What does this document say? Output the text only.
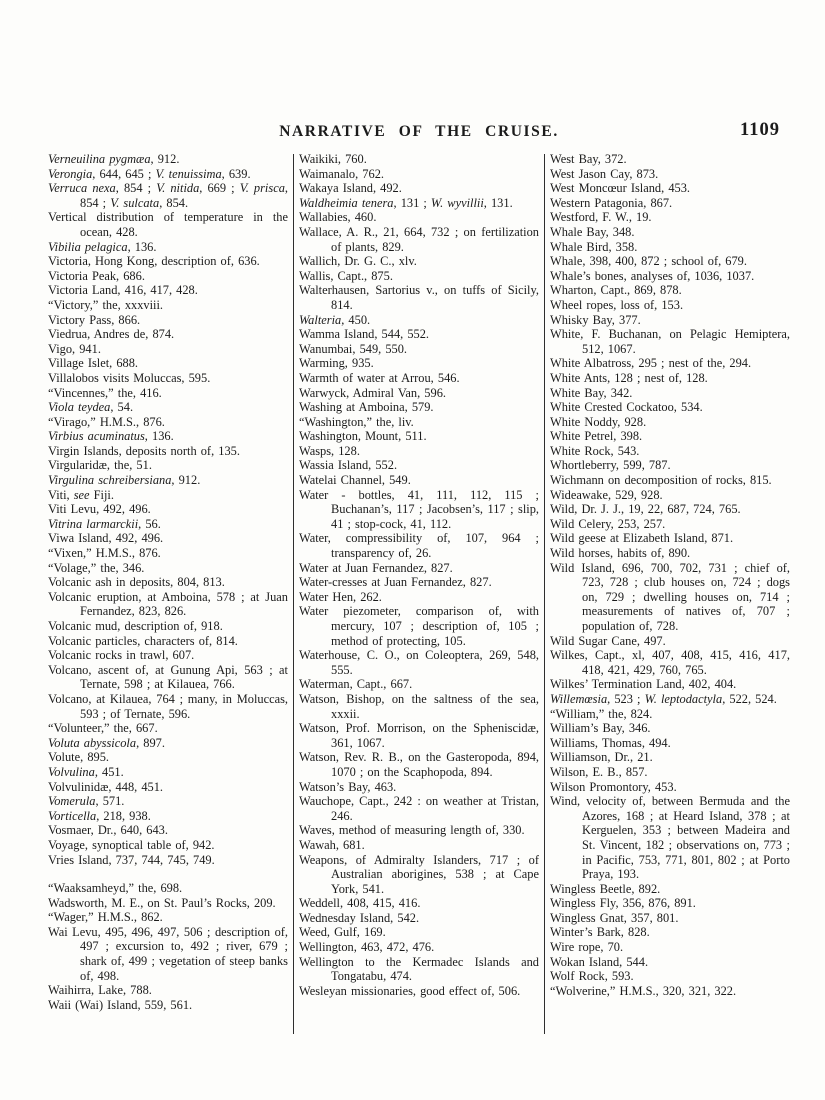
NARRATIVE OF THE CRUISE.	1109

Verneuilina pygmæa, 912.

Verongia, 644, 645 ; V. tenuissima, 639.

Verruca nexa, 854 ; V. nitida, 669 ; V. prisca, 854 ; V. sulcata, 854.

Vertical distribution of temperature in the ocean, 428.

Vibilia pelagica, 136.

Victoria, Hong Kong, description of, 636.

Victoria Peak, 686.

Victoria Land, 416, 417, 428.

“Victory,” the, xxxviii.

Victory Pass, 866.

Viedrua, Andres de, 874.

Vigo, 941.

Village Islet, 688.

Villalobos visits Moluccas, 595.

“Vincennes,” the, 416.

Viola teydea, 54.

“Virago,” H.M.S., 876.

Virbius acuminatus, 136.

Virgin Islands, deposits north of, 135.

Virgularidæ, the, 51.

Virgulina schreibersiana, 912.

Viti, see Fiji.

Viti Levu, 492, 496.

Vitrina larmarckii, 56.

Viwa Island, 492, 496.

“Vixen,” H.M.S., 876.

“Volage,” the, 346.

Volcanic ash in deposits, 804, 813.

Volcanic eruption, at Amboina, 578 ; at Juan Fernandez, 823, 826.

Volcanic mud, description of, 918.

Volcanic particles, characters of, 814.

Volcanic rocks in trawl, 607.

Volcano, ascent of, at Gunung Api, 563 ; at Ternate, 598 ; at Kilauea, 766.

Volcano, at Kilauea, 764 ; many, in Moluccas, 593 ; of Ternate, 596.

“Volunteer,” the, 667.

Voluta abyssicola, 897.

Volute, 895.

Volvulina, 451.

Volvulinidæ, 448, 451.

Vomerula, 571.

Vorticella, 218, 938.

Vosmaer, Dr., 640, 643.

Voyage, synoptical table of, 942.

Vries Island, 737, 744, 745, 749.

“Waaksamheyd,” the, 698.

Wadsworth, M. E., on St. Paul’s Rocks, 209.

“Wager,” H.M.S., 862.

Wai Levu, 495, 496, 497, 506 ; description of, 497 ; excursion to, 492 ; river, 679 ; shark of, 499 ; vegetation of steep banks of, 498.

Waihirra, Lake, 788.

Waii (Wai) Island, 559, 561.

Waikiki, 760.

Waimanalo, 762.

Wakaya Island, 492.

Waldheimia tenera, 131 ; W. wyvillii, 131.

Wallabies, 460.

Wallace, A. R., 21, 664, 732 ; on fertilization of plants, 829.

Wallich, Dr. G. C., xlv.

Wallis, Capt., 875.

Walterhausen, Sartorius v., on tuffs of Sicily, 814.

Walteria, 450.

Wamma Island, 544, 552.

Wanumbai, 549, 550.

Warming, 935.

Warmth of water at Arrou, 546.

Warwyck, Admiral Van, 596.

Washing at Amboina, 579.

“Washington,” the, liv.

Washington, Mount, 511.

Wasps, 128.

Wassia Island, 552.

Watelai Channel, 549.

Water - bottles, 41, 111, 112, 115 ; Buchanan’s, 117 ; Jacobsen’s, 117 ; slip, 41 ; stop-cock, 41, 112.

Water, compressibility of, 107, 964 ; transparency of, 26.

Water at Juan Fernandez, 827.

Water-cresses at Juan Fernandez, 827.

Water Hen, 262.

Water piezometer, comparison of, with mercury, 107 ; description of, 105 ; method of protecting, 105.

Waterhouse, C. O., on Coleoptera, 269, 548, 555.

Waterman, Capt., 667.

Watson, Bishop, on the saltness of the sea, xxxii.

Watson, Prof. Morrison, on the Spheniscidæ, 361, 1067.

Watson, Rev. R. B., on the Gasteropoda, 894, 1070 ; on the Scaphopoda, 894.

Watson’s Bay, 463.

Wauchope, Capt., 242 : on weather at Tristan, 246.

Waves, method of measuring length of, 330.

Wawah, 681.

Weapons, of Admiralty Islanders, 717 ; of Australian aborigines, 538 ; at Cape York, 541.

Weddell, 408, 415, 416.

Wednesday Island, 542.

Weed, Gulf, 169.

Wellington, 463, 472, 476.

Wellington to the Kermadec Islands and Tongatabu, 474.

Wesleyan missionaries, good effect of, 506.

West Bay, 372.

West Jason Cay, 873.

West Moncœur Island, 453.

Western Patagonia, 867.

Westford, F. W., 19.

Whale Bay, 348.

Whale Bird, 358.

Whale, 398, 400, 872 ; school of, 679.

Whale’s bones, analyses of, 1036, 1037.

Wharton, Capt., 869, 878.

Wheel ropes, loss of, 153.

Whisky Bay, 377.

White, F. Buchanan, on Pelagic Hemiptera, 512, 1067.

White Albatross, 295 ; nest of the, 294.

White Ants, 128 ; nest of, 128.

White Bay, 342.

White Crested Cockatoo, 534.

White Noddy, 928.

White Petrel, 398.

White Rock, 543.

Whortleberry, 599, 787.

Wichmann on decomposition of rocks, 815.

Wideawake, 529, 928.

Wild, Dr. J. J., 19, 22, 687, 724, 765.

Wild Celery, 253, 257.

Wild geese at Elizabeth Island, 871.

Wild horses, habits of, 890.

Wild Island, 696, 700, 702, 731 ; chief of, 723, 728 ; club houses on, 724 ; dogs on, 729 ; dwelling houses on, 714 ; measurements of natives of, 707 ; population of, 728.

Wild Sugar Cane, 497.

Wilkes, Capt., xl, 407, 408, 415, 416, 417, 418, 421, 429, 760, 765.

Wilkes’ Termination Land, 402, 404.

Willemœsia, 523 ; W. leptodactyla, 522, 524.

“William,” the, 824.

William’s Bay, 346.

Williams, Thomas, 494.

Williamson, Dr., 21.

Wilson, E. B., 857.

Wilson Promontory, 453.

Wind, velocity of, between Bermuda and the Azores, 168 ; at Heard Island, 378 ; at Kerguelen, 353 ; between Madeira and St. Vincent, 182 ; observations on, 773 ; in Pacific, 753, 771, 801, 802 ; at Porto Praya, 193.

Wingless Beetle, 892.

Wingless Fly, 356, 876, 891.

Wingless Gnat, 357, 801.

Winter’s Bark, 828.

Wire rope, 70.

Wokan Island, 544.

Wolf Rock, 593.

“Wolverine,” H.M.S., 320, 321, 322.
